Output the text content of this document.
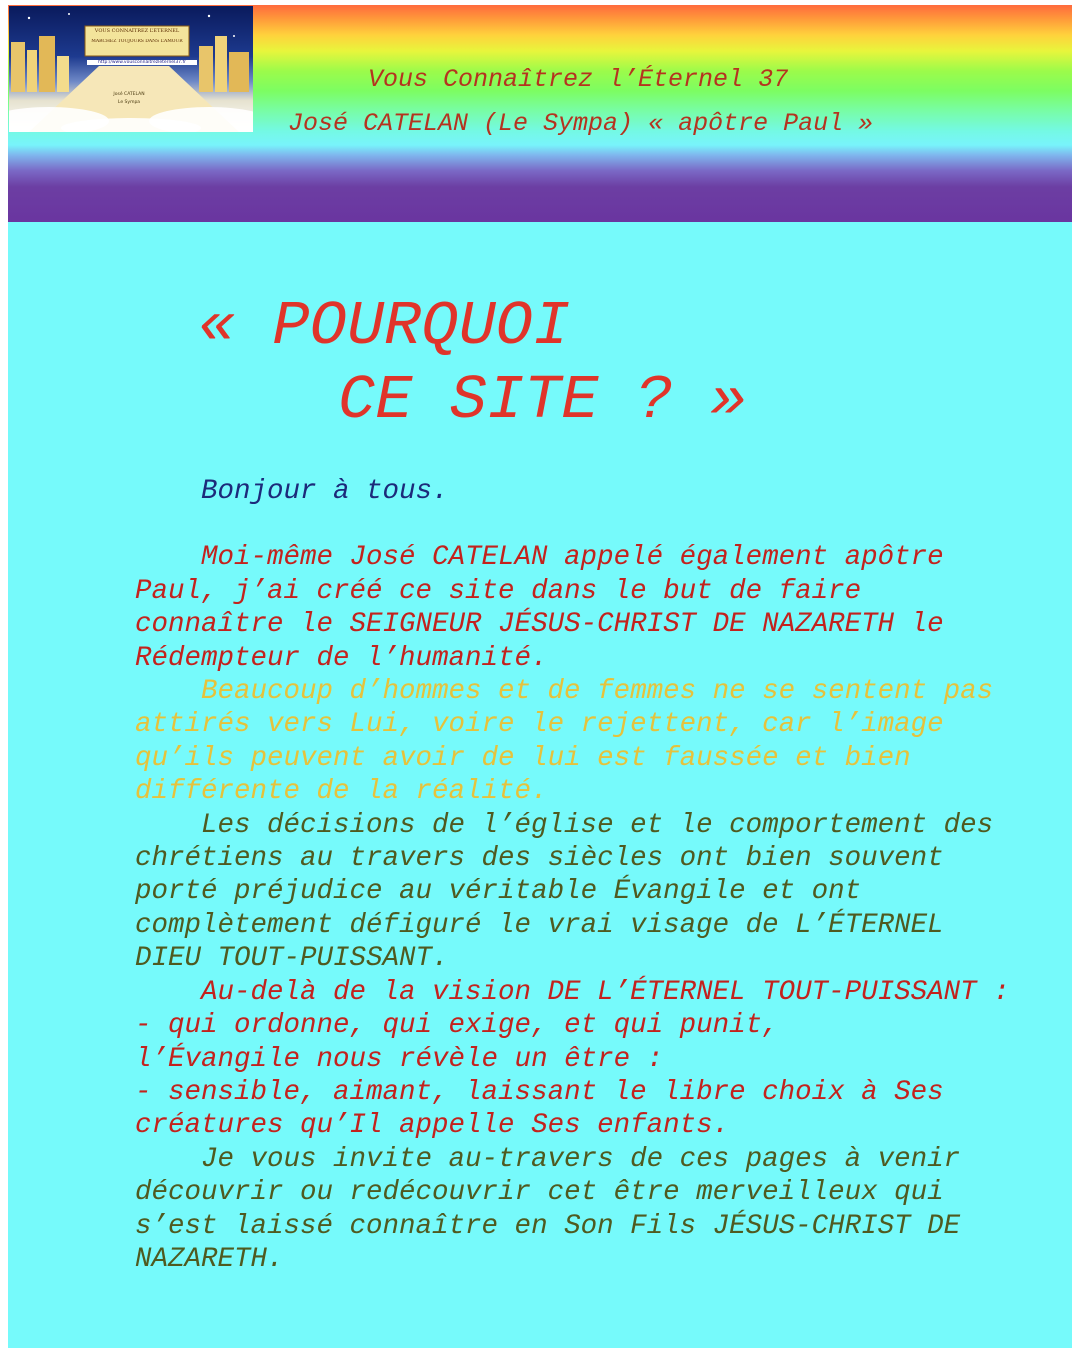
VOUS CONNAÎTREZ L’ÉTERNEL
MARCHEZ TOUJOURS DANS L’AMOUR
http://www.vousconnaitrezleternel37.fr
José CATELAN
Le Sympa
Vous Connaîtrez l’Éternel 37
José CATELAN (Le Sympa) « apôtre Paul »
« POURQUOI
CE SITE ? »

Bonjour à tous.

Moi-même José CATELAN appelé également apôtre Paul, j’ai créé ce site dans le but de faire connaître le SEIGNEUR JÉSUS-CHRIST DE NAZARETH le Rédempteur de l’humanité.

Beaucoup d’hommes et de femmes ne se sentent pas attirés vers Lui, voire le rejettent, car l’image qu’ils peuvent avoir de lui est faussée et bien différente de la réalité.

Les décisions de l’église et le comportement des chrétiens au travers des siècles ont bien souvent porté préjudice au véritable Évangile et ont complètement défiguré le vrai visage de L’ÉTERNEL DIEU TOUT-PUISSANT.

Au-delà de la vision DE L’ÉTERNEL TOUT-PUISSANT :

- qui ordonne, qui exige, et qui punit,

l’Évangile nous révèle un être :

- sensible, aimant, laissant le libre choix à Ses créatures qu’Il appelle Ses enfants.

Je vous invite au-travers de ces pages à venir découvrir ou redécouvrir cet être merveilleux qui s’est laissé connaître en Son Fils JÉSUS-CHRIST DE NAZARETH.
